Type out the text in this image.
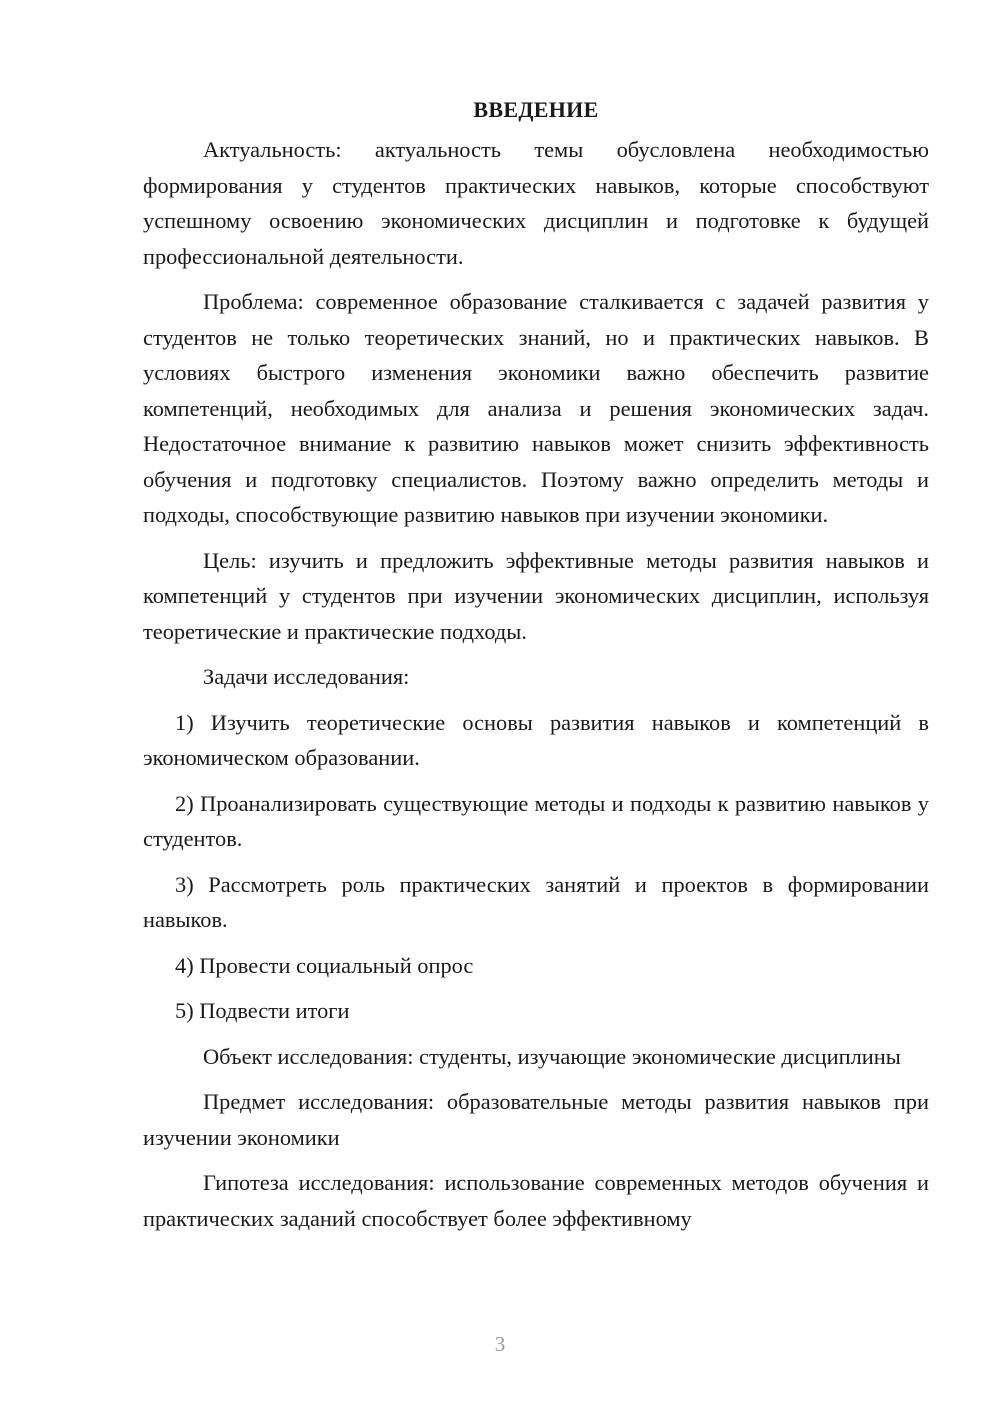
ВВЕДЕНИЕ

Актуальность: актуальность темы обусловлена необходимостью формирования у студентов практических навыков, которые способствуют успешному освоению экономических дисциплин и подготовке к будущей профессиональной деятельности.

Проблема: современное образование сталкивается с задачей развития у студентов не только теоретических знаний, но и практических навыков. В условиях быстрого изменения экономики важно обеспечить развитие компетенций, необходимых для анализа и решения экономических задач. Недостаточное внимание к развитию навыков может снизить эффективность обучения и подготовку специалистов. Поэтому важно определить методы и подходы, способствующие развитию навыков при изучении экономики.

Цель: изучить и предложить эффективные методы развития навыков и компетенций у студентов при изучении экономических дисциплин, используя теоретические и практические подходы.

Задачи исследования:

1) Изучить теоретические основы развития навыков и компетенций в экономическом образовании.

2) Проанализировать существующие методы и подходы к развитию навыков у студентов.

3) Рассмотреть роль практических занятий и проектов в формировании навыков.

4) Провести социальный опрос

5) Подвести итоги

Объект исследования: студенты, изучающие экономические дисциплины

Предмет исследования: образовательные методы развития навыков при изучении экономики

Гипотеза исследования: использование современных методов обучения и практических заданий способствует более эффективному

3
